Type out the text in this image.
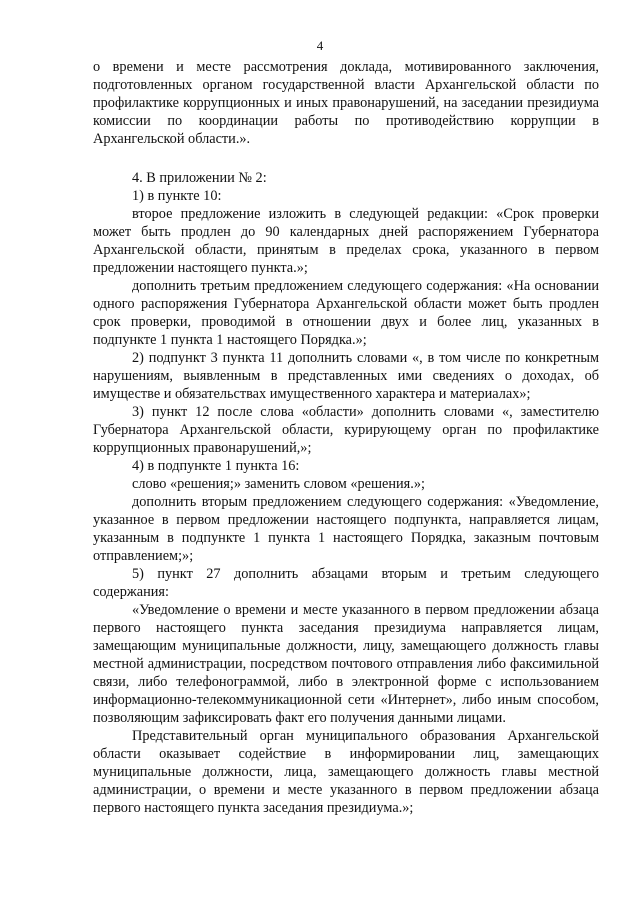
4

о времени и месте рассмотрения доклада, мотивированного заключения, подготовленных органом государственной власти Архангельской области по профилактике коррупционных и иных правонарушений, на заседании президиума комиссии по координации работы по противодействию коррупции в Архангельской области.».

4. В приложении № 2:

1) в пункте 10:

второе предложение изложить в следующей редакции: «Срок проверки может быть продлен до 90 календарных дней распоряжением Губернатора Архангельской области, принятым в пределах срока, указанного в первом предложении настоящего пункта.»;

дополнить третьим предложением следующего содержания: «На основании одного распоряжения Губернатора Архангельской области может быть продлен срок проверки, проводимой в отношении двух и более лиц, указанных в подпункте 1 пункта 1 настоящего Порядка.»;

2) подпункт 3 пункта 11 дополнить словами «, в том числе по конкретным нарушениям, выявленным в представленных ими сведениях о доходах, об имуществе и обязательствах имущественного характера и материалах»;

3) пункт 12 после слова «области» дополнить словами «, заместителю Губернатора Архангельской области, курирующему орган по профилактике коррупционных правонарушений,»;

4) в подпункте 1 пункта 16:

слово «решения;» заменить словом «решения.»;

дополнить вторым предложением следующего содержания: «Уведомление, указанное в первом предложении настоящего подпункта, направляется лицам, указанным в подпункте 1 пункта 1 настоящего Порядка, заказным почтовым отправлением;»;

5) пункт 27 дополнить абзацами вторым и третьим следующего содержания:

«Уведомление о времени и месте указанного в первом предложении абзаца первого настоящего пункта заседания президиума направляется лицам, замещающим муниципальные должности, лицу, замещающего должность главы местной администрации, посредством почтового отправления либо факсимильной связи, либо телефонограммой, либо в электронной форме с использованием информационно-телекоммуникационной сети «Интернет», либо иным способом, позволяющим зафиксировать факт его получения данными лицами.

Представительный орган муниципального образования Архангельской области оказывает содействие в информировании лиц, замещающих муниципальные должности, лица, замещающего должность главы местной администрации, о времени и месте указанного в первом предложении абзаца первого настоящего пункта заседания президиума.»;
